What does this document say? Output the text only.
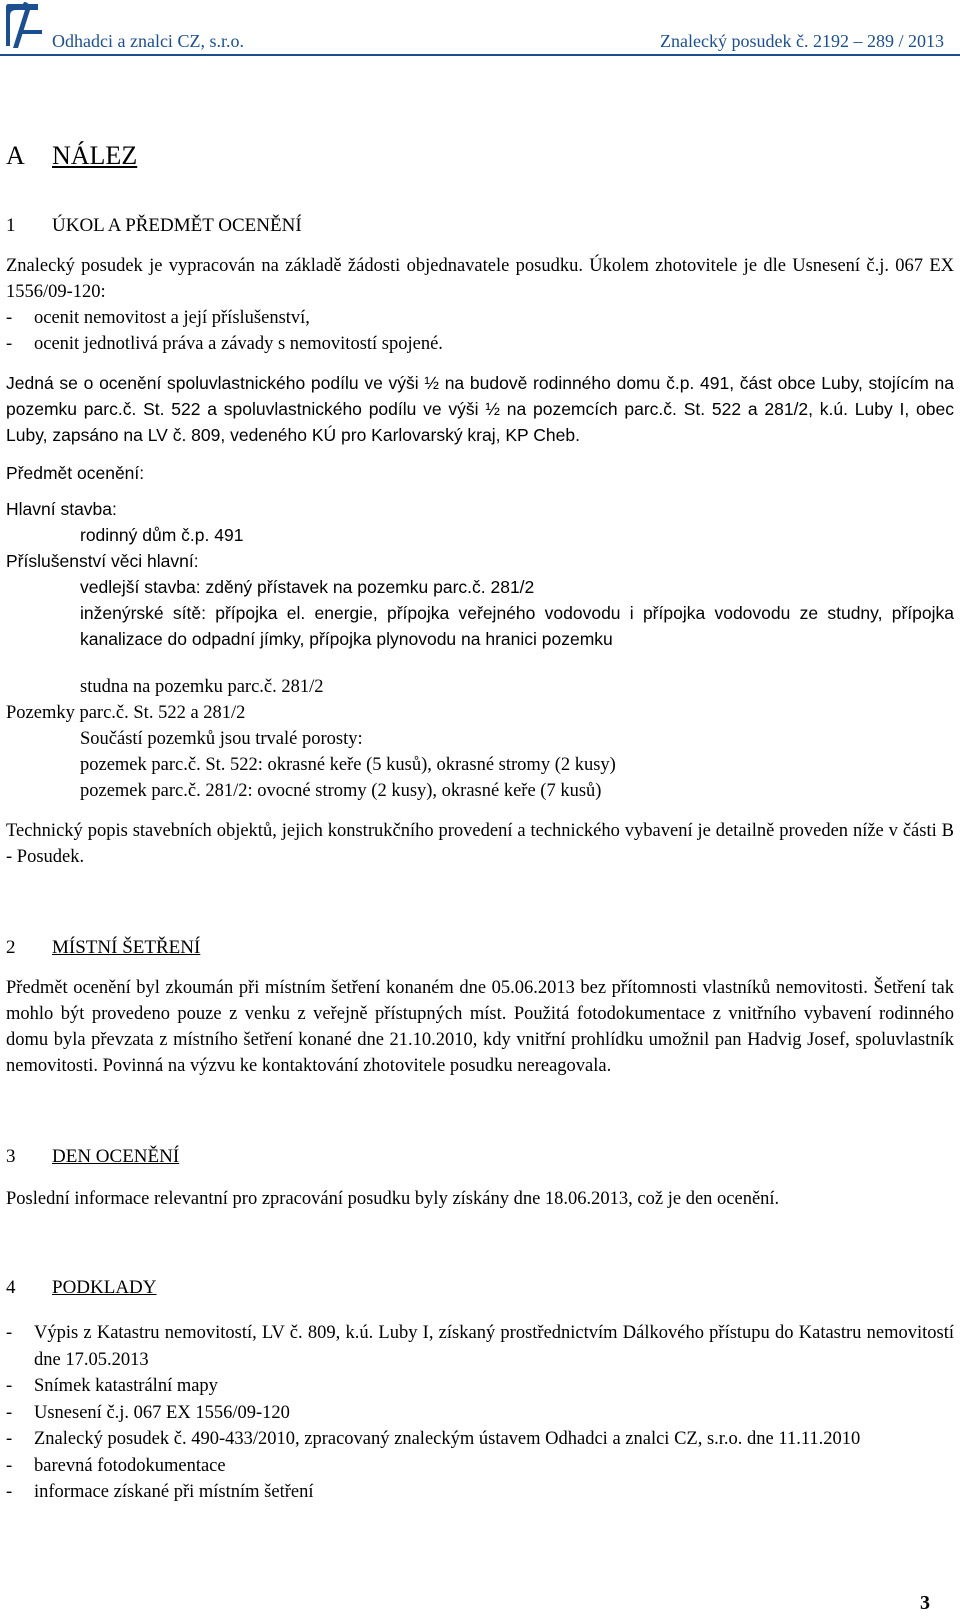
Odhadci a znalci CZ, s.r.o.	Znalecký posudek č. 2192 – 289 / 2013
A NÁLEZ
1 ÚKOL A PŘEDMĚT OCENĚNÍ

Znalecký posudek je vypracován na základě žádosti objednavatele posudku. Úkolem zhotovitele je dle Usnesení č.j. 067 EX 1556/09-120:

- ocenit nemovitost a její příslušenství,
- ocenit jednotlivá práva a závady s nemovitostí spojené.

Jedná se o ocenění spoluvlastnického podílu ve výši ½ na budově rodinného domu č.p. 491, část obce Luby, stojícím na pozemku parc.č. St. 522 a spoluvlastnického podílu ve výši ½ na pozemcích parc.č. St. 522 a 281/2, k.ú. Luby I, obec Luby, zapsáno na LV č. 809, vedeného KÚ pro Karlovarský kraj, KP Cheb.

Předmět ocenění:
Hlavní stavba:
rodinný dům č.p. 491
Příslušenství věci hlavní:
vedlejší stavba: zděný přístavek na pozemku parc.č. 281/2
inženýrské sítě: přípojka el. energie, přípojka veřejného vodovodu i přípojka vodovodu ze studny, přípojka kanalizace do odpadní jímky, přípojka plynovodu na hranici pozemku
studna na pozemku parc.č. 281/2
Pozemky parc.č. St. 522 a 281/2
Součástí pozemků jsou trvalé porosty:
pozemek parc.č. St. 522: okrasné keře (5 kusů), okrasné stromy (2 kusy)
pozemek parc.č. 281/2: ovocné stromy (2 kusy), okrasné keře (7 kusů)

Technický popis stavebních objektů, jejich konstrukčního provedení a technického vybavení je detailně proveden níže v části B - Posudek.

2 MÍSTNÍ ŠETŘENÍ

Předmět ocenění byl zkoumán při místním šetření konaném dne 05.06.2013 bez přítomnosti vlastníků nemovitosti. Šetření tak mohlo být provedeno pouze z venku z veřejně přístupných míst. Použitá fotodokumentace z vnitřního vybavení rodinného domu byla převzata z místního šetření konané dne 21.10.2010, kdy vnitřní prohlídku umožnil pan Hadvig Josef, spoluvlastník nemovitosti. Povinná na výzvu ke kontaktování zhotovitele posudku nereagovala.

3 DEN OCENĚNÍ

Poslední informace relevantní pro zpracování posudku byly získány dne 18.06.2013, což je den ocenění.

4 PODKLADY
- Výpis z Katastru nemovitostí, LV č. 809, k.ú. Luby I, získaný prostřednictvím Dálkového přístupu do Katastru nemovitostí dne 17.05.2013
- Snímek katastrální mapy
- Usnesení č.j. 067 EX 1556/09-120
- Znalecký posudek č. 490-433/2010, zpracovaný znaleckým ústavem Odhadci a znalci CZ, s.r.o. dne 11.11.2010
- barevná fotodokumentace
- informace získané při místním šetření
3
